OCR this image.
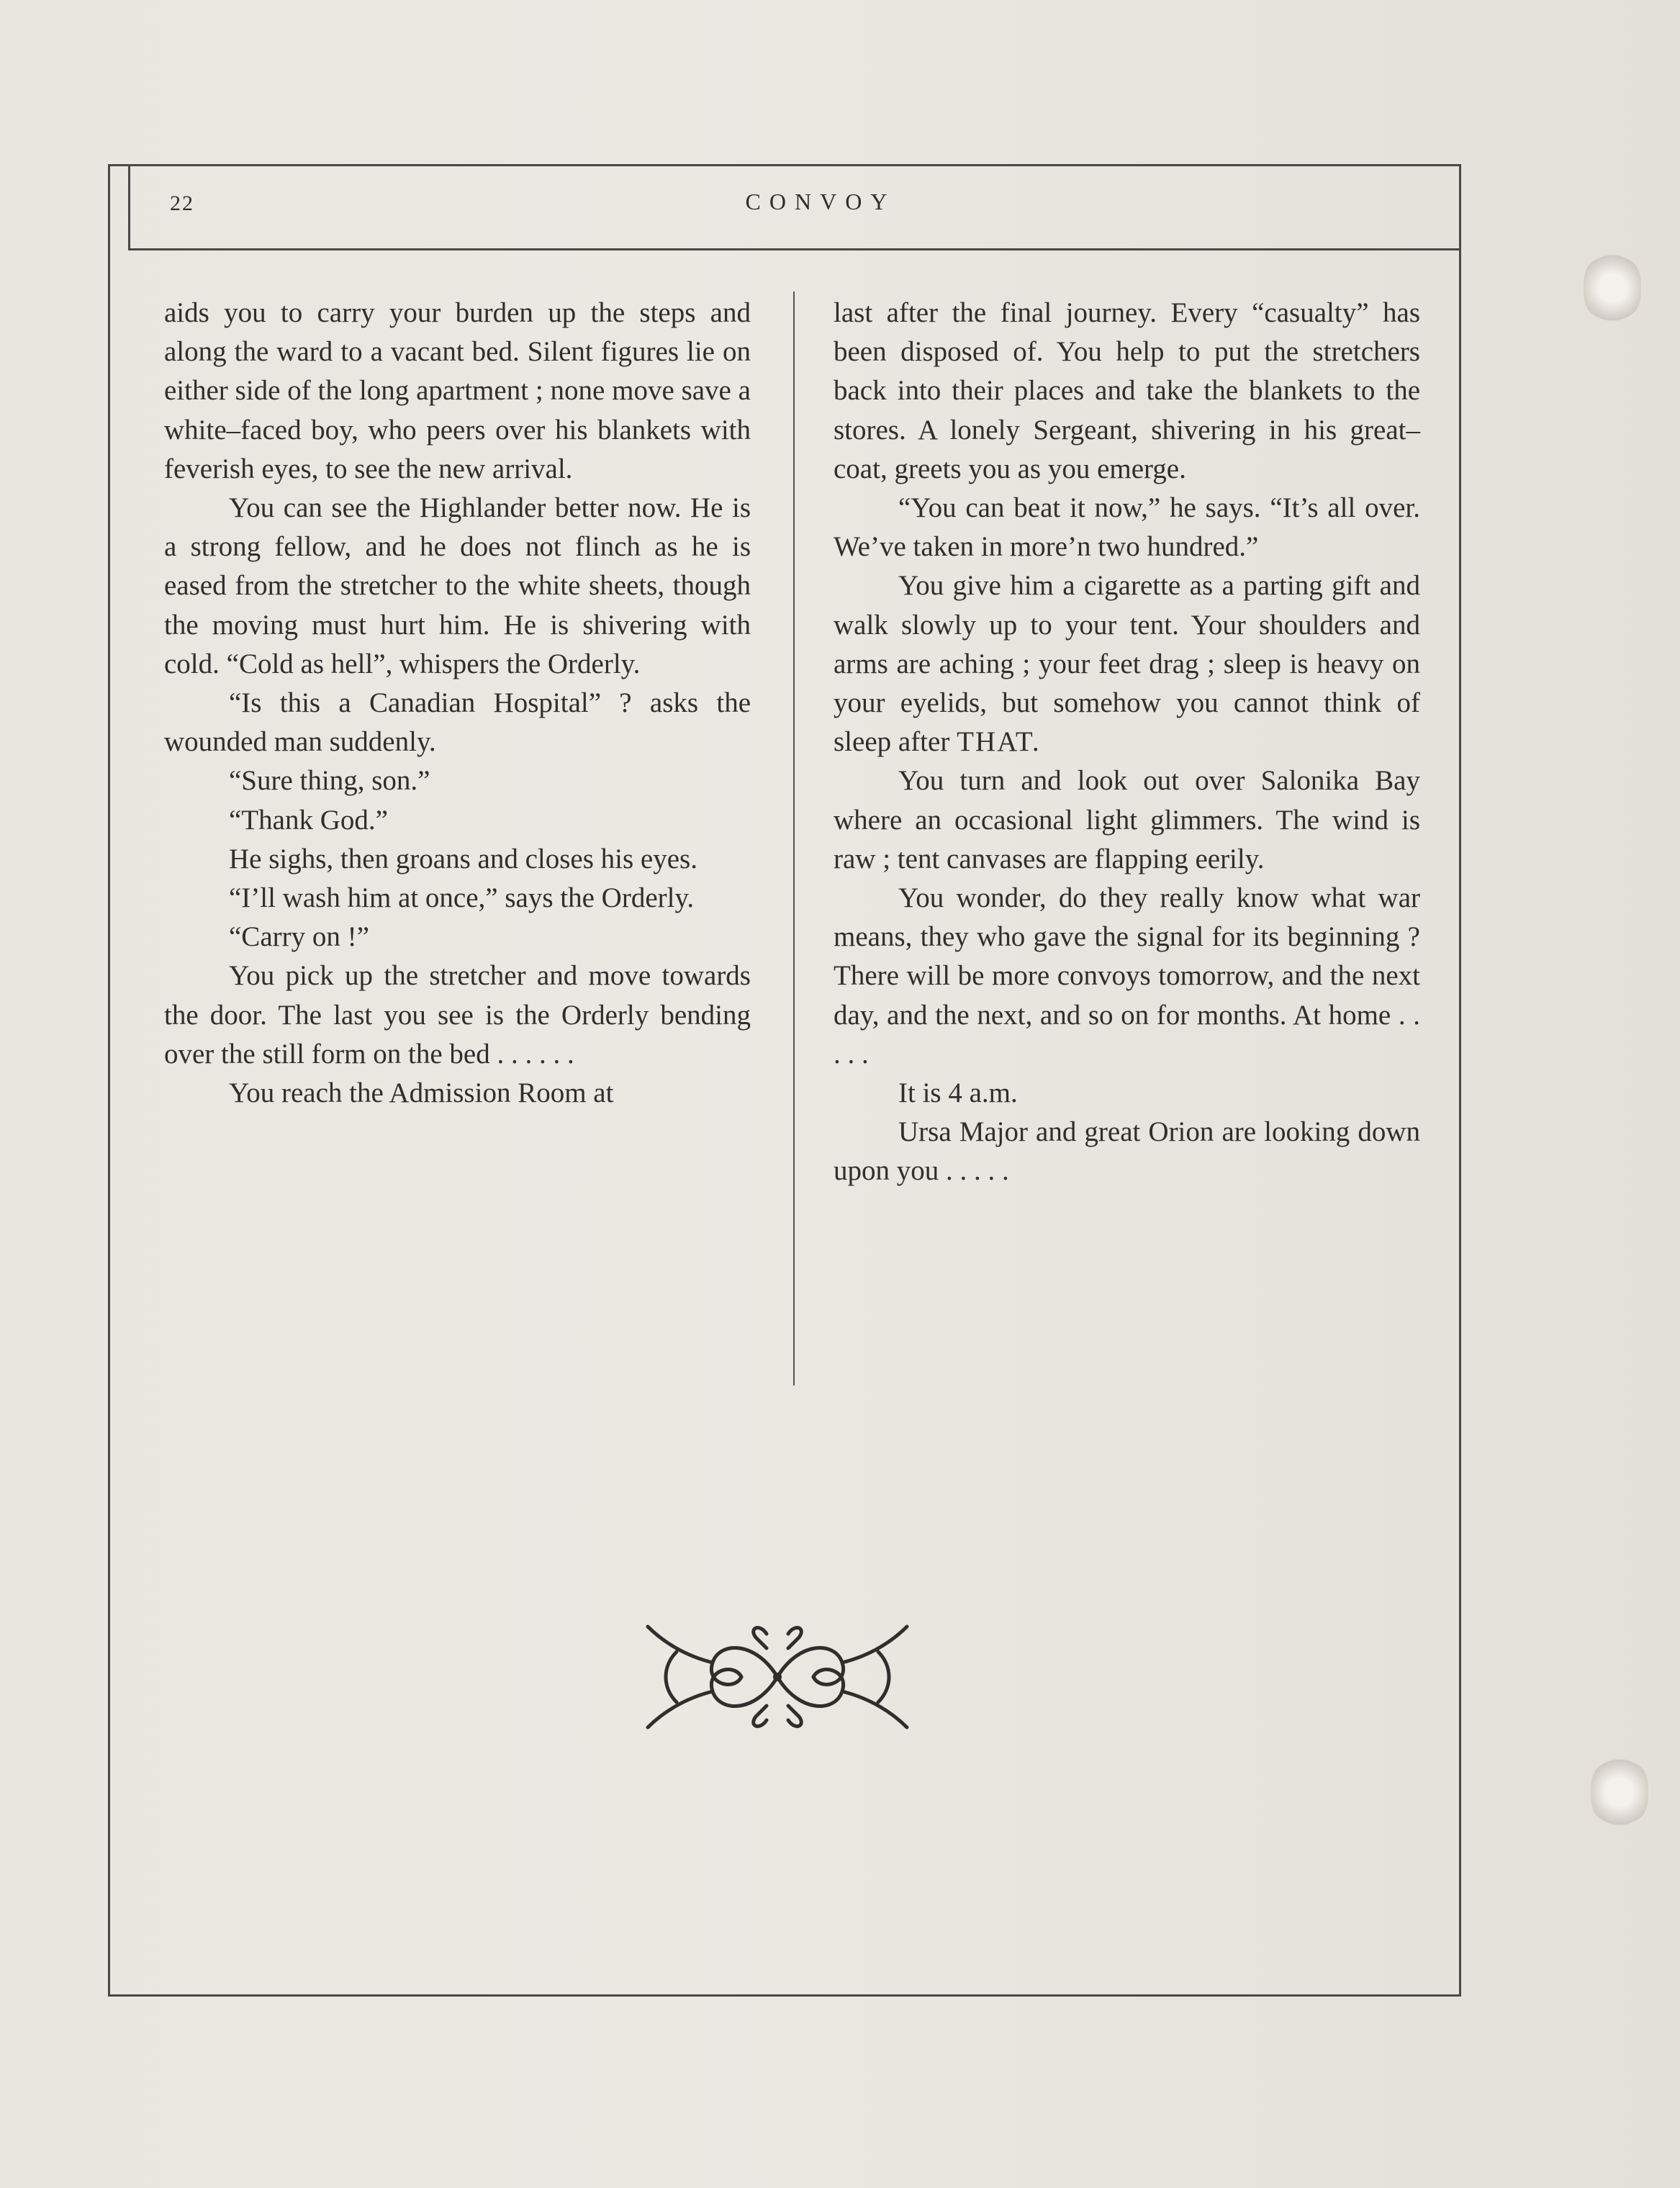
22	CONVOY

aids you to carry your burden up the steps and along the ward to a vacant bed. Silent figures lie on either side of the long apartment ; none move save a white–faced boy, who peers over his blankets with feverish eyes, to see the new arrival.

You can see the Highlander better now. He is a strong fellow, and he does not flinch as he is eased from the stretcher to the white sheets, though the moving must hurt him. He is shivering with cold. “Cold as hell”, whispers the Orderly.

“Is this a Canadian Hospital” ? asks the wounded man suddenly.

“Sure thing, son.”

“Thank God.”

He sighs, then groans and closes his eyes.

“I’ll wash him at once,” says the Orderly.

“Carry on !”

You pick up the stretcher and move towards the door. The last you see is the Orderly bending over the still form on the bed . . . . . .

You reach the Admission Room at

last after the final journey. Every “casualty” has been disposed of. You help to put the stretchers back into their places and take the blankets to the stores. A lonely Sergeant, shivering in his great–coat, greets you as you emerge.

“You can beat it now,” he says. “It’s all over. We’ve taken in more’n two hundred.”

You give him a cigarette as a parting gift and walk slowly up to your tent. Your shoulders and arms are aching ; your feet drag ; sleep is heavy on your eyelids, but somehow you cannot think of sleep after THAT.

You turn and look out over Salonika Bay where an occasional light glimmers. The wind is raw ; tent canvases are flapping eerily.

You wonder, do they really know what war means, they who gave the signal for its beginning ? There will be more convoys tomorrow, and the next day, and the next, and so on for months. At home . . . . .

It is 4 a.m.

Ursa Major and great Orion are looking down upon you . . . . .
